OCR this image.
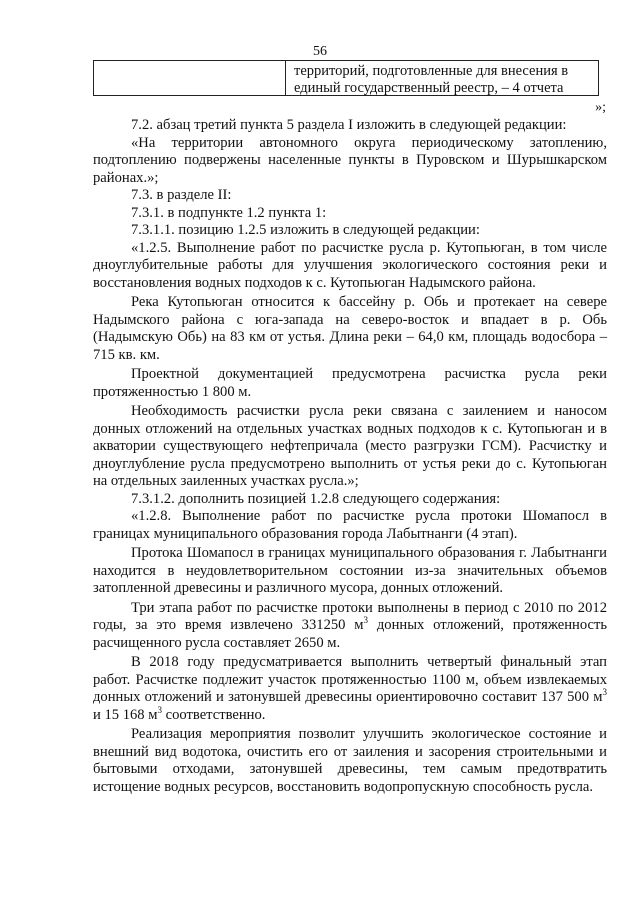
56
территорий, подготовленные для внесения в единый государственный реестр, – 4 отчета
»;

7.2. абзац третий пункта 5 раздела I изложить в следующей редакции:

«На территории автономного округа периодическому затоплению, подтоплению подвержены населенные пункты в Пуровском и Шурышкарском районах.»;

7.3. в разделе II:

7.3.1. в подпункте 1.2 пункта 1:

7.3.1.1. позицию 1.2.5 изложить в следующей редакции:

«1.2.5. Выполнение работ по расчистке русла р. Кутопьюган, в том числе дноуглубительные работы для улучшения экологического состояния реки и восстановления водных подходов к с. Кутопьюган Надымского района.

Река Кутопьюган относится к бассейну р. Обь и протекает на севере Надымского района с юга-запада на северо-восток и впадает в р. Обь (Надымскую Обь) на 83 км от устья. Длина реки – 64,0 км, площадь водосбора – 715 кв. км.

Проектной документацией предусмотрена расчистка русла реки протяженностью 1 800 м.

Необходимость расчистки русла реки связана с заилением и наносом донных отложений на отдельных участках водных подходов к с. Кутопьюган и в акватории существующего нефтепричала (место разгрузки ГСМ). Расчистку и дноуглубление русла предусмотрено выполнить от устья реки до с. Кутопьюган на отдельных заиленных участках русла.»;

7.3.1.2. дополнить позицией 1.2.8 следующего содержания:

«1.2.8. Выполнение работ по расчистке русла протоки Шомапосл в границах муниципального образования города Лабытнанги (4 этап).

Протока Шомапосл в границах муниципального образования г. Лабытнанги находится в неудовлетворительном состоянии из-за значительных объемов затопленной древесины и различного мусора, донных отложений.

Три этапа работ по расчистке протоки выполнены в период с 2010 по 2012 годы, за это время извлечено 331250 $м^3$ донных отложений, протяженность расчищенного русла составляет 2650 м.

В 2018 году предусматривается выполнить четвертый финальный этап работ. Расчистке подлежит участок протяженностью 1100 м, объем извлекаемых донных отложений и затонувшей древесины ориентировочно составит 137 500 $м^3$ и 15 168 $м^3$ соответственно.

Реализация мероприятия позволит улучшить экологическое состояние и внешний вид водотока, очистить его от заиления и засорения строительными и бытовыми отходами, затонувшей древесины, тем самым предотвратить истощение водных ресурсов, восстановить водопропускную способность русла.
